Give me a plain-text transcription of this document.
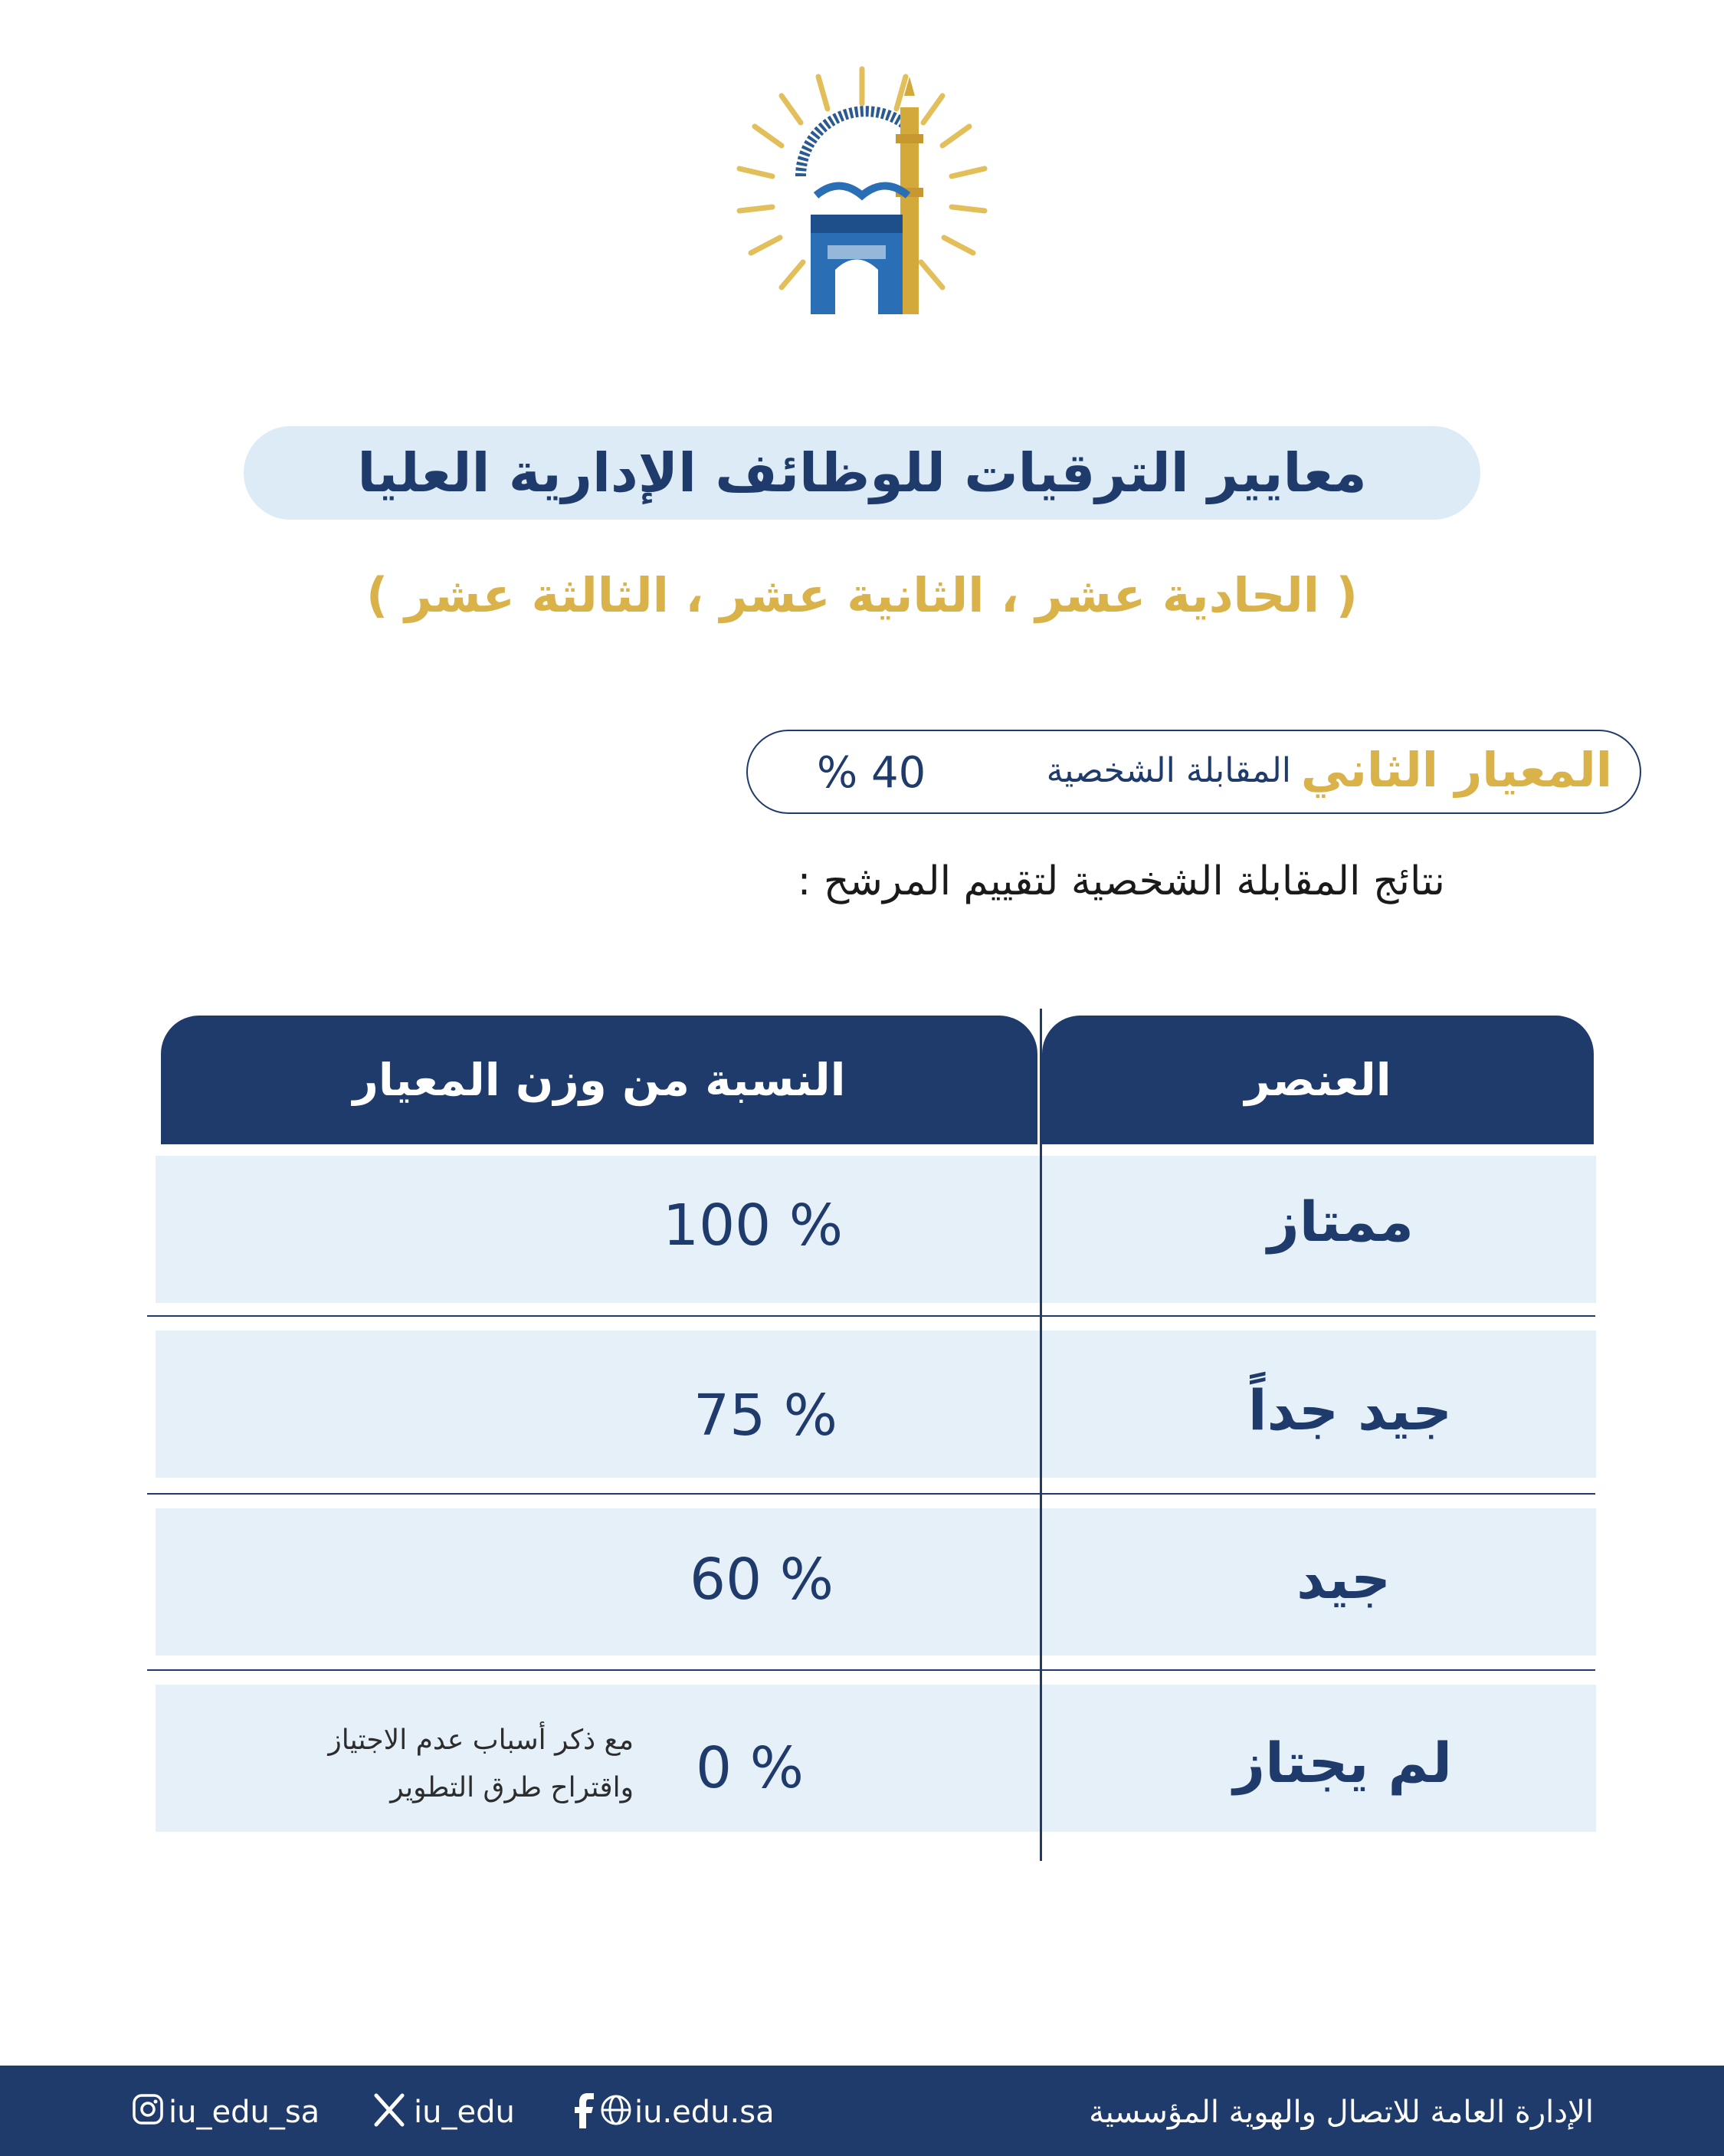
معايير الترقيات للوظائف الإدارية العليا
( الحادية عشر ، الثانية عشر ، الثالثة عشر )
المعيار الثاني
المقابلة الشخصية
40 %
نتائج المقابلة الشخصية لتقييم المرشح :
العنصر
النسبة من وزن المعيار
ممتاز
100 %
جيد جداً
75 %
جيد
60 %
لم يجتاز
0 %
مع ذكر أسباب عدم الاجتياز
واقتراح طرق التطوير
الإدارة العامة للاتصال والهوية المؤسسية
iu.edu.sa
iu_edu
iu_edu_sa
